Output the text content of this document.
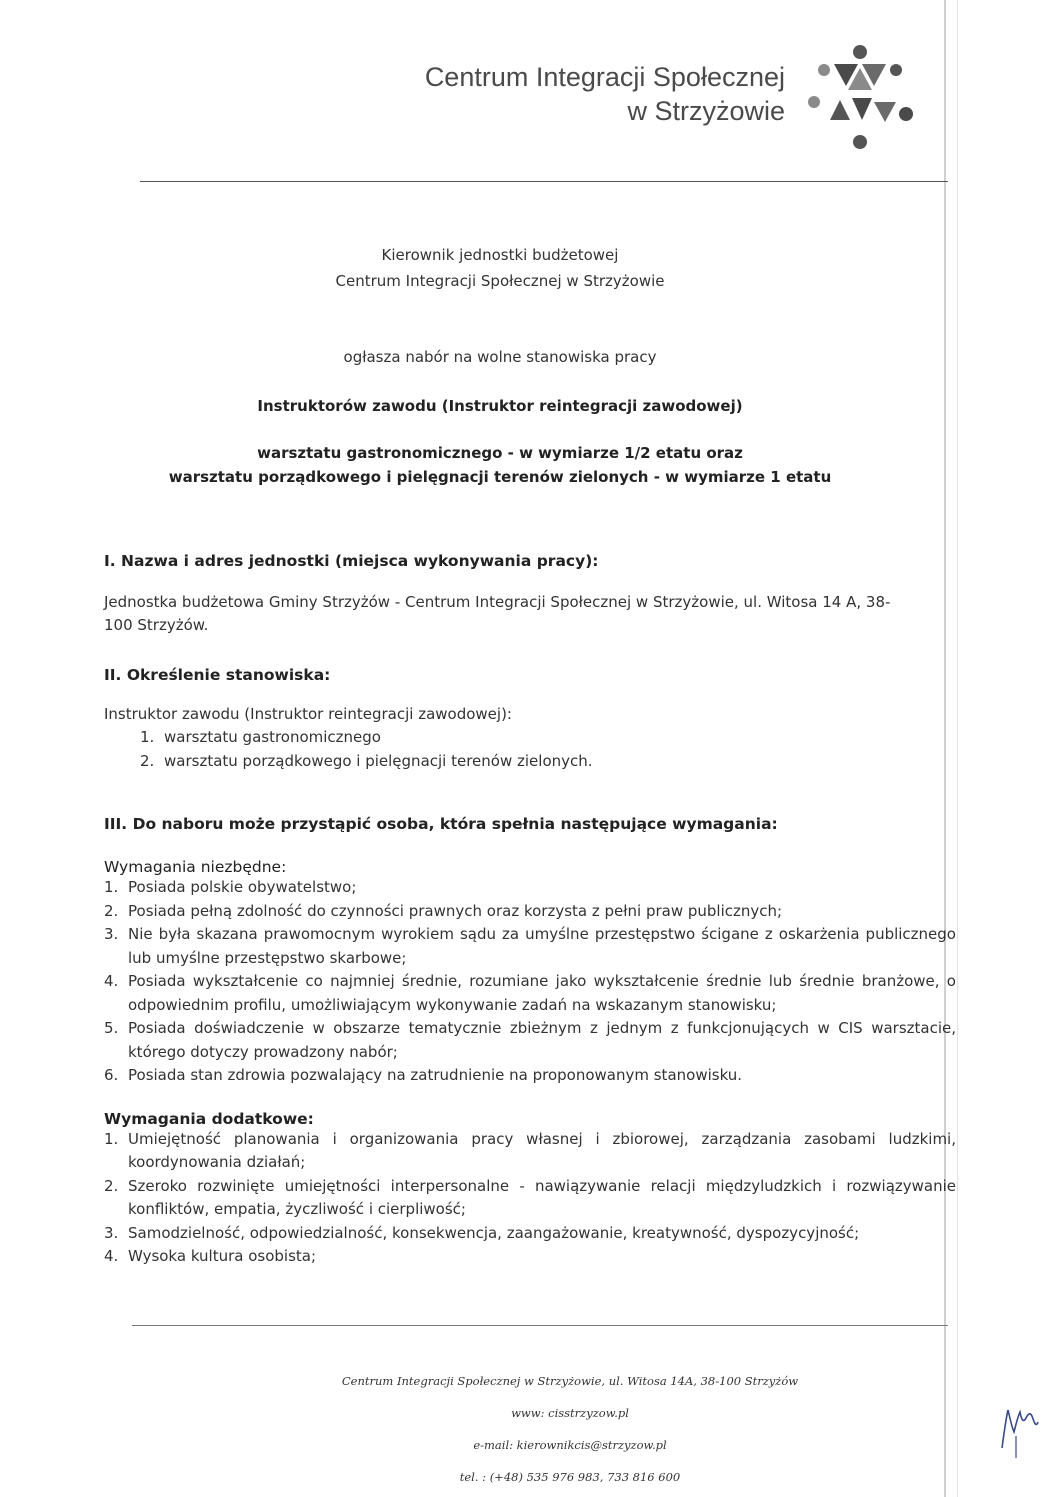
Centrum Integracji Społecznej
w Strzyżowie
Kierownik jednostki budżetowej
Centrum Integracji Społecznej w Strzyżowie
ogłasza nabór na wolne stanowiska pracy
Instruktorów zawodu (Instruktor reintegracji zawodowej)
warsztatu gastronomicznego - w wymiarze 1/2 etatu oraz
warsztatu porządkowego i pielęgnacji terenów zielonych - w wymiarze 1 etatu
I. Nazwa i adres jednostki (miejsca wykonywania pracy):

Jednostka budżetowa Gminy Strzyżów - Centrum Integracji Społecznej w Strzyżowie, ul. Witosa 14 A, 38-

100 Strzyżów.

II. Określenie stanowiska:

Instruktor zawodu (Instruktor reintegracji zawodowej):

1. warsztatu gastronomicznego
2. warsztatu porządkowego i pielęgnacji terenów zielonych.
III. Do naboru może przystąpić osoba, która spełnia następujące wymagania:
Wymagania niezbędne:
1. Posiada polskie obywatelstwo;
2. Posiada pełną zdolność do czynności prawnych oraz korzysta z pełni praw publicznych;
3. Nie była skazana prawomocnym wyrokiem sądu za umyślne przestępstwo ścigane z oskarżenia publicznego lub umyślne przestępstwo skarbowe;
4. Posiada wykształcenie co najmniej średnie, rozumiane jako wykształcenie średnie lub średnie branżowe, o odpowiednim profilu, umożliwiającym wykonywanie zadań na wskazanym stanowisku;
5. Posiada doświadczenie w obszarze tematycznie zbieżnym z jednym z funkcjonujących w CIS warsztacie, którego dotyczy prowadzony nabór;
6. Posiada stan zdrowia pozwalający na zatrudnienie na proponowanym stanowisku.
Wymagania dodatkowe:
1. Umiejętność planowania i organizowania pracy własnej i zbiorowej, zarządzania zasobami ludzkimi, koordynowania działań;
2. Szeroko rozwinięte umiejętności interpersonalne - nawiązywanie relacji międzyludzkich i rozwiązywanie konfliktów, empatia, życzliwość i cierpliwość;
3. Samodzielność, odpowiedzialność, konsekwencja, zaangażowanie, kreatywność, dyspozycyjność;
4. Wysoka kultura osobista;
Centrum Integracji Społecznej w Strzyżowie, ul. Witosa 14A, 38-100 Strzyżów
www: cisstrzyzow.pl
e-mail: kierownikcis@strzyzow.pl
tel. : (+48) 535 976 983, 733 816 600
